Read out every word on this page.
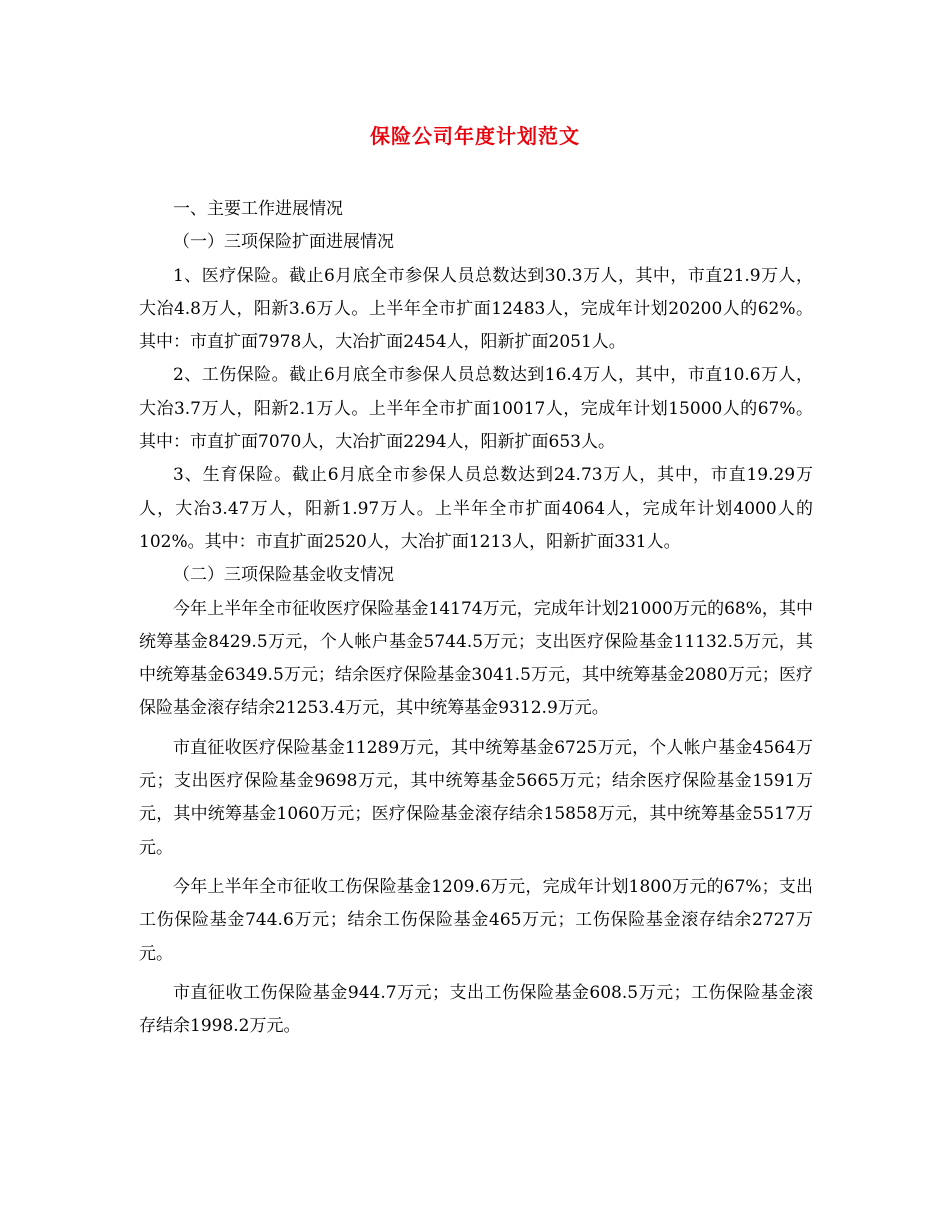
保险公司年度计划范文

一、主要工作进展情况

（一）三项保险扩面进展情况

1、医疗保险。截止6月底全市参保人员总数达到30.3万人，其中，市直21.9万人，大冶4.8万人，阳新3.6万人。上半年全市扩面12483人，完成年计划20200人的62%。其中：市直扩面7978人，大冶扩面2454人，阳新扩面2051人。

2、工伤保险。截止6月底全市参保人员总数达到16.4万人，其中，市直10.6万人，大冶3.7万人，阳新2.1万人。上半年全市扩面10017人，完成年计划15000人的67%。其中：市直扩面7070人，大冶扩面2294人，阳新扩面653人。

3、生育保险。截止6月底全市参保人员总数达到24.73万人，其中，市直19.29万人，大冶3.47万人，阳新1.97万人。上半年全市扩面4064人，完成年计划4000人的102%。其中：市直扩面2520人，大冶扩面1213人，阳新扩面331人。

（二）三项保险基金收支情况

今年上半年全市征收医疗保险基金14174万元，完成年计划21000万元的68%，其中统筹基金8429.5万元，个人帐户基金5744.5万元；支出医疗保险基金11132.5万元，其中统筹基金6349.5万元；结余医疗保险基金3041.5万元，其中统筹基金2080万元；医疗保险基金滚存结余21253.4万元，其中统筹基金9312.9万元。

市直征收医疗保险基金11289万元，其中统筹基金6725万元，个人帐户基金4564万元；支出医疗保险基金9698万元，其中统筹基金5665万元；结余医疗保险基金1591万元，其中统筹基金1060万元；医疗保险基金滚存结余15858万元，其中统筹基金5517万元。

今年上半年全市征收工伤保险基金1209.6万元，完成年计划1800万元的67%；支出工伤保险基金744.6万元；结余工伤保险基金465万元；工伤保险基金滚存结余2727万元。

市直征收工伤保险基金944.7万元；支出工伤保险基金608.5万元；工伤保险基金滚存结余1998.2万元。
